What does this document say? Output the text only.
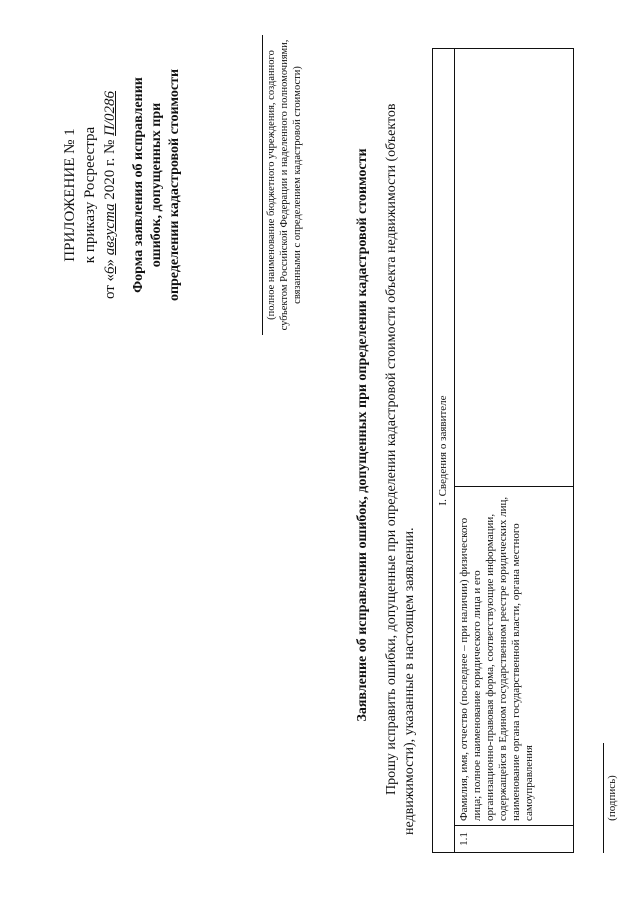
ПРИЛОЖЕНИЕ № 1 к приказу Росреестра
от «6» августа 2020 г. № П/0286 Форма заявления об исправлении ошибок, допущенных при определении кадастровой стоимости	(полное наименование бюджетного учреждения, созданного субъектом Российской Федерации и наделенного полномочиями, связанными с определением кадастровой стоимости)	Заявление об исправлении ошибок, допущенных при определении кадастровой стоимости Прошу исправить ошибки, допущенные при определении кадастровой стоимости объекта недвижимости (объектов недвижимости), указанные в настоящем заявлении.
I. Сведения о заявителе
1.1	Фамилия, имя, отчество (последнее – при наличии) физического лица; полное наименование юридического лица и его организационно-правовая форма, соответствующие информации, содержащейся в Едином государственном реестре юридических лиц, наименование органа государственной власти, органа местного самоуправления		(подпись)
